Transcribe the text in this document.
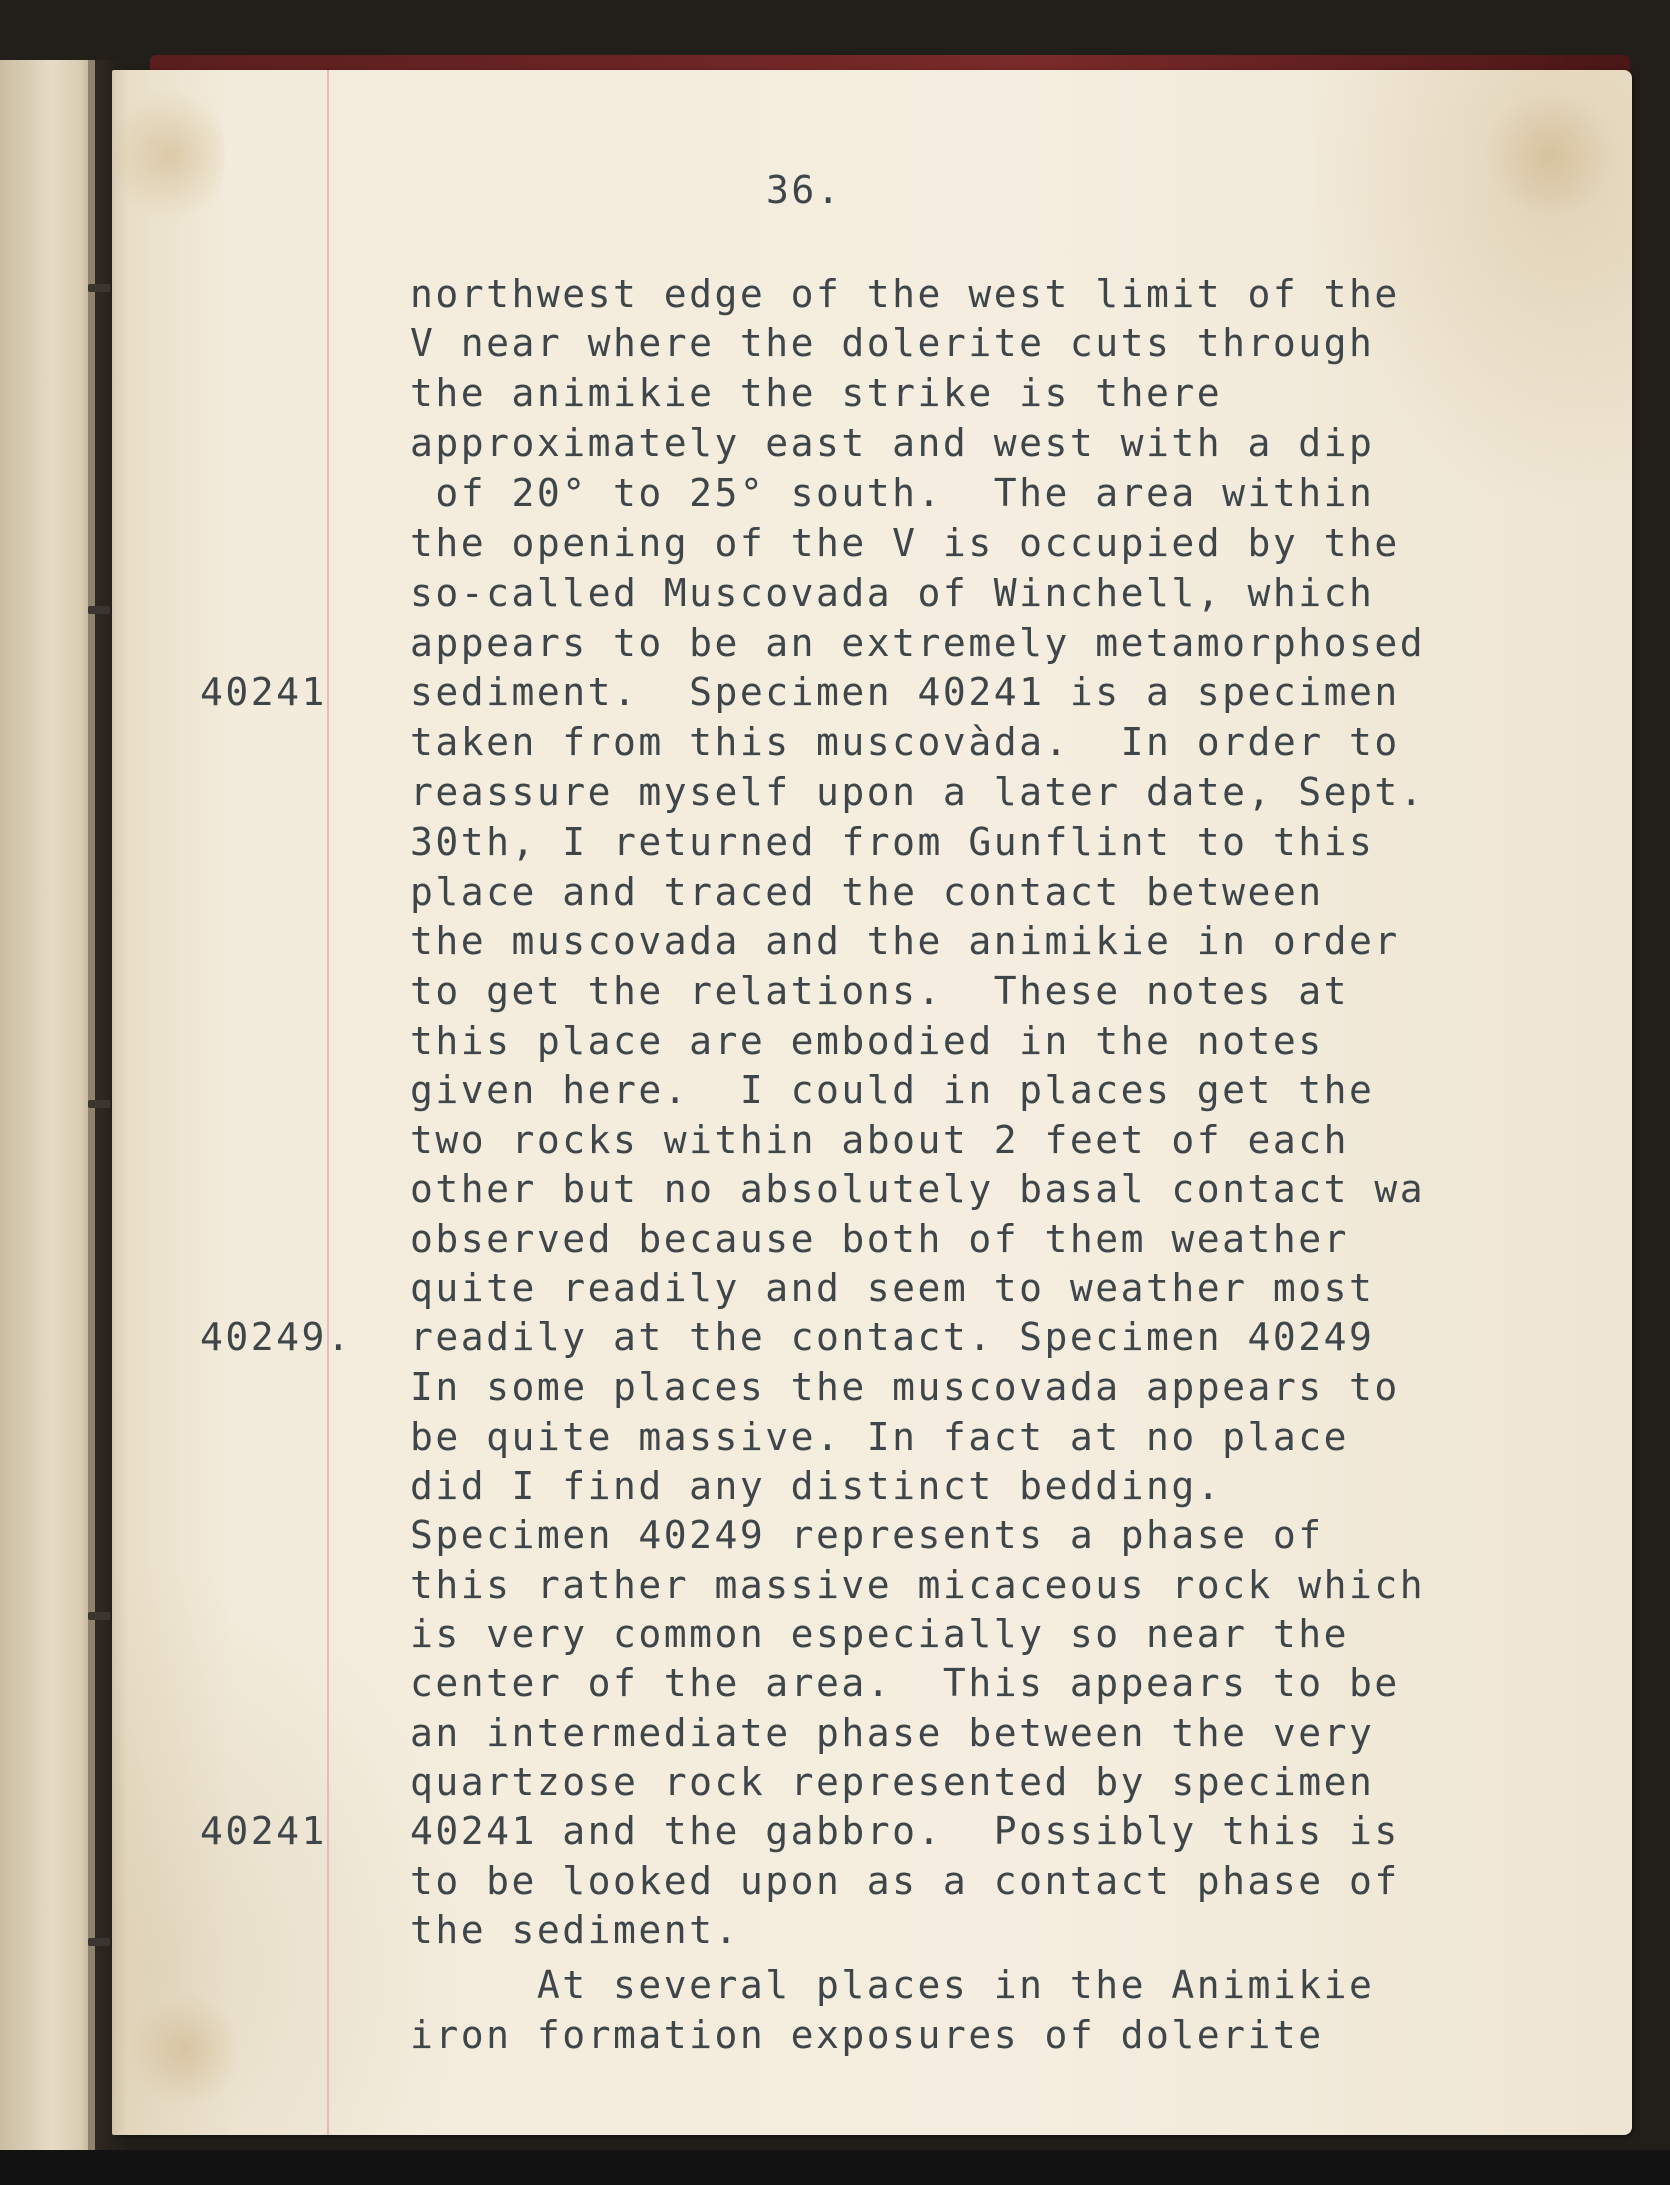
36.
40241
40249.
40241
northwest edge of the west limit of the
V near where the dolerite cuts through
the animikie the strike is there
approximately east and west with a dip
of 20° to 25° south.  The area within
the opening of the V is occupied by the
so-called Muscovada of Winchell, which
appears to be an extremely metamorphosed
sediment.  Specimen 40241 is a specimen
taken from this muscovàda.  In order to
reassure myself upon a later date, Sept.
30th, I returned from Gunflint to this
place and traced the contact between
the muscovada and the animikie in order
to get the relations.  These notes at
this place are embodied in the notes
given here.  I could in places get the
two rocks within about 2 feet of each
other but no absolutely basal contact wa
observed because both of them weather
quite readily and seem to weather most
readily at the contact. Specimen 40249
In some places the muscovada appears to
be quite massive. In fact at no place
did I find any distinct bedding.
Specimen 40249 represents a phase of
this rather massive micaceous rock which
is very common especially so near the
center of the area.  This appears to be
an intermediate phase between the very
quartzose rock represented by specimen
40241 and the gabbro.  Possibly this is
to be looked upon as a contact phase of
the sediment.
At several places in the Animikie
iron formation exposures of dolerite
